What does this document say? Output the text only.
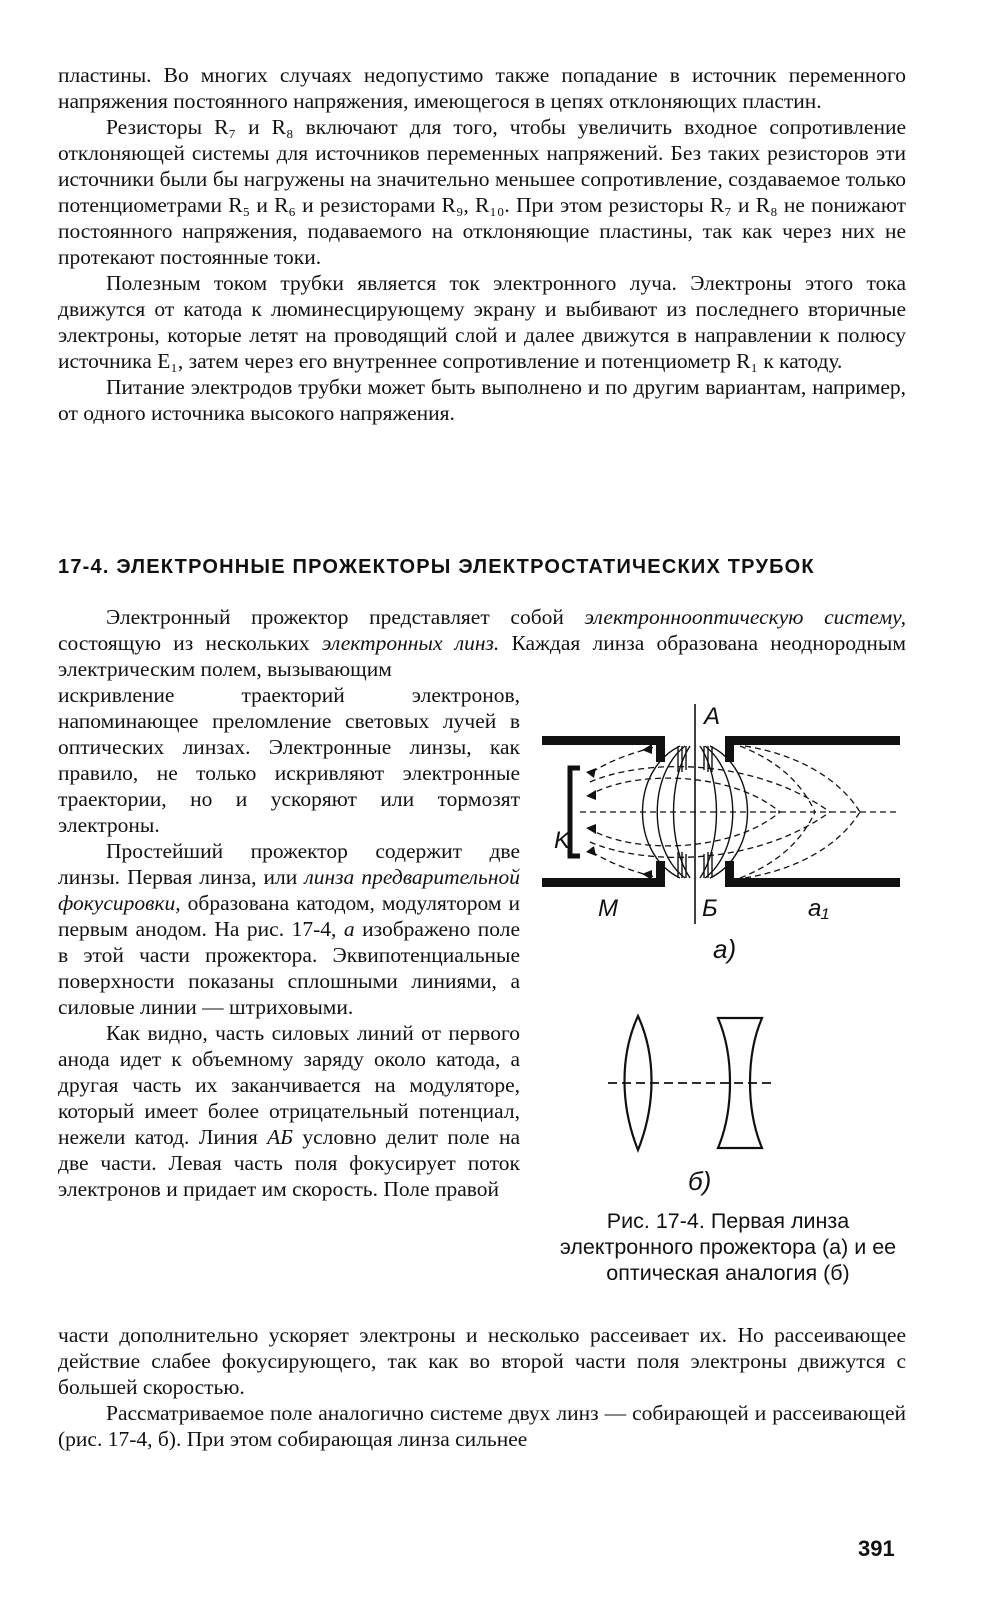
пластины. Во многих случаях недопустимо также попадание в источник переменного напряжения постоянного напряжения, имеющегося в цепях отклоняющих пластин.

Резисторы R₇ и R₈ включают для того, чтобы увеличить входное сопротивление отклоняющей системы для источников переменных напряжений. Без таких резисторов эти источники были бы нагружены на значительно меньшее сопротивление, создаваемое только потенциометрами R₅ и R₆ и резисторами R₉, R₁₀. При этом резисторы R₇ и R₈ не понижают постоянного напряжения, подаваемого на отклоняющие пластины, так как через них не протекают постоянные токи.

Полезным током трубки является ток электронного луча. Электроны этого тока движутся от катода к люминесцирующему экрану и выбивают из последнего вторичные электроны, которые летят на проводящий слой и далее движутся в направлении к полюсу источника E₁, затем через его внутреннее сопротивление и потенциометр R₁ к катоду.

Питание электродов трубки может быть выполнено и по другим вариантам, например, от одного источника высокого напряжения.

17-4. ЭЛЕКТРОННЫЕ ПРОЖЕКТОРЫ ЭЛЕКТРОСТАТИЧЕСКИХ ТРУБОК

Электронный прожектор представляет собой электроннооптическую систему, состоящую из нескольких электронных линз. Каждая линза образована неоднородным электрическим полем, вызывающим

искривление траекторий электронов, напоминающее преломление световых лучей в оптических линзах. Электронные линзы, как правило, не только искривляют электронные траектории, но и ускоряют или тормозят электроны.

Простейший прожектор содержит две линзы. Первая линза, или линза предварительной фокусировки, образована катодом, модулятором и первым анодом. На рис. 17-4, а изображено поле в этой части прожектора. Эквипотенциальные поверхности показаны сплошными линиями, а силовые линии — штриховыми.

Как видно, часть силовых линий от первого анода идет к объемному заряду около катода, а другая часть их заканчивается на модуляторе, который имеет более отрицательный потенциал, нежели катод. Линия АБ условно делит поле на две части. Левая часть поля фокусирует поток электронов и придает им скорость. Поле правой

части дополнительно ускоряет электроны и несколько рассеивает их. Но рассеивающее действие слабее фокусирующего, так как во второй части поля электроны движутся с большей скоростью.

Рассматриваемое поле аналогично системе двух линз — собирающей и рассеивающей (рис. 17-4, б). При этом собирающая линза сильнее

A
K
M	Б	a₁
a)
б)
Рис. 17-4. Первая линза электронного прожектора (а) и ее оптическая аналогия (б)
391
